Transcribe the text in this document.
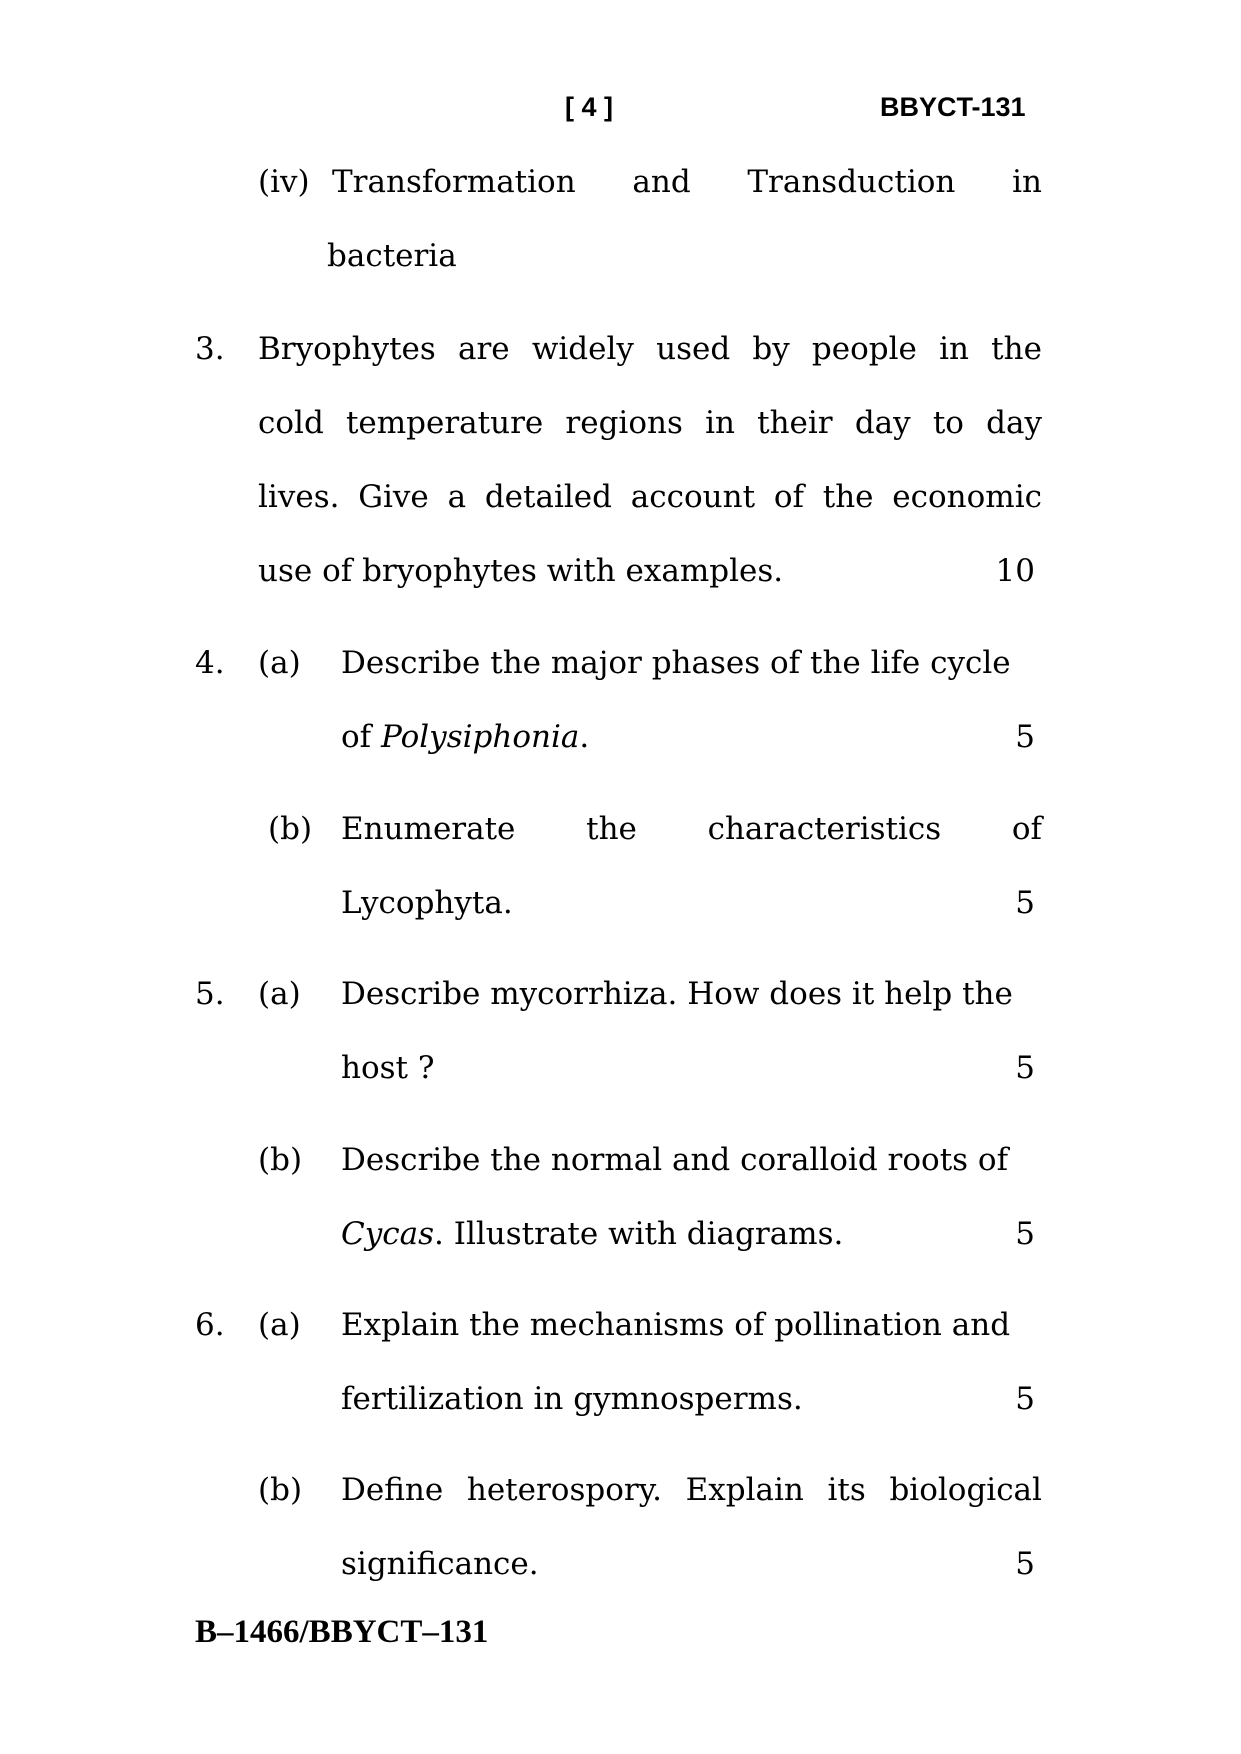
[ 4 ]	BBYCT-131
(iv) Transformation and Transduction in
bacteria
3. Bryophytes are widely used by people in the
cold temperature regions in their day to day
lives. Give a detailed account of the economic
use of bryophytes with examples.	10
4. (a) Describe the major phases of the life cycle
of Polysiphonia.	5
(b) Enumerate the characteristics of
Lycophyta.	5
5. (a) Describe mycorrhiza. How does it help the
host ?	5
(b) Describe the normal and coralloid roots of
Cycas. Illustrate with diagrams.	5
6. (a) Explain the mechanisms of pollination and
fertilization in gymnosperms.	5
(b) Define heterospory. Explain its biological
significance.	5
B–1466/BBYCT–131
